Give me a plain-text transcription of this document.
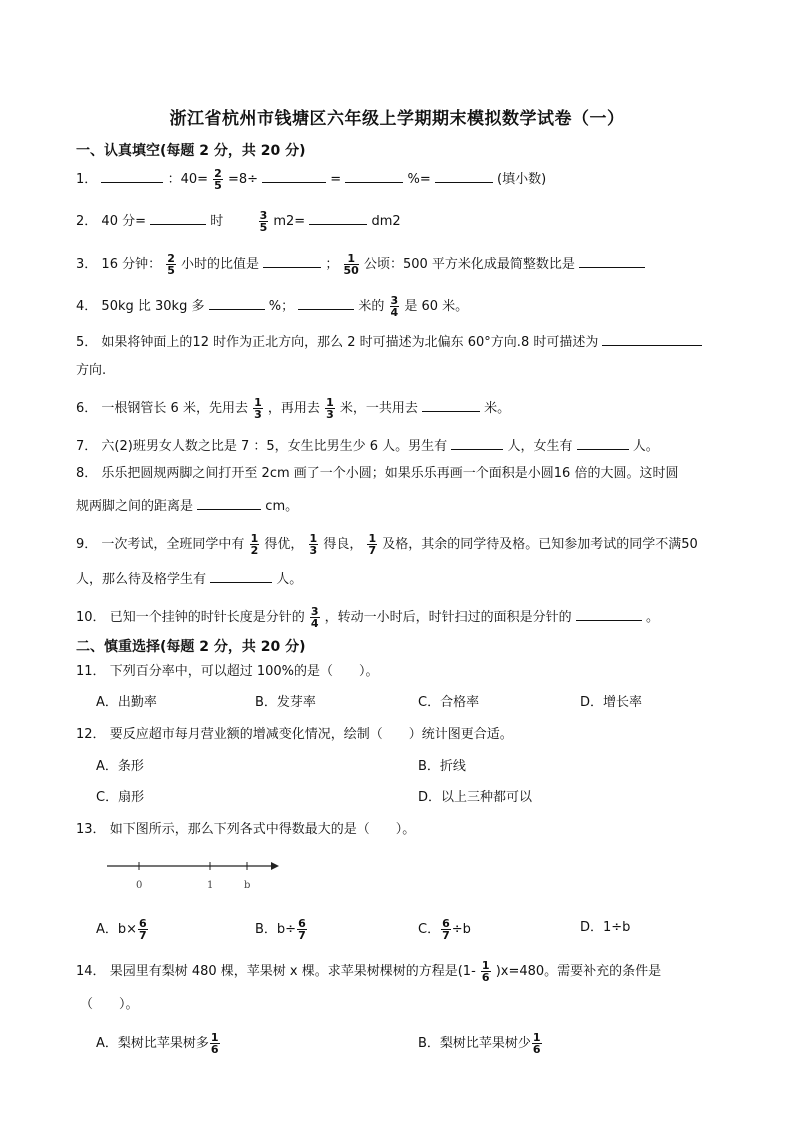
浙江省杭州市钱塘区六年级上学期期末模拟数学试卷（一）
一、认真填空(每题 2 分，共 20 分)
1．	：$40= \frac{2}{5} =8\div$	=	%=	(填小数)
2． 40 分=	时	$\frac{3}{5} m2=$	dm2
3． 16 分钟： $\frac{2}{5}$ 小时的比值是	； $\frac{1}{50}$ 公顷：500 平方米化成最简整数比是
4． 50kg 比 30kg 多	%；	米的 $\frac{3}{4}$ 是 60 米。
5． 如果将钟面上的12 时作为正北方向，那么 2 时可描述为北偏东 60°方向.8 时可描述为
方向.
6． 一根钢管长 6 米，先用去 $\frac{1}{3}$ ，再用去 $\frac{1}{3}$ 米，一共用去	米。
7． 六(2)班男女人数之比是 7 ：5，女生比男生少 6 人。男生有	人，女生有	人。
8． 乐乐把圆规两脚之间打开至 2cm 画了一个小圆；如果乐乐再画一个面积是小圆16 倍的大圆。这时圆
规两脚之间的距离是	cm。
9． 一次考试，全班同学中有 $\frac{1}{2}$ 得优， $\frac{1}{3}$ 得良， $\frac{1}{7}$ 及格，其余的同学待及格。已知参加考试的同学不满50
人，那么待及格学生有	人。
10． 已知一个挂钟的时针长度是分针的 $\frac{3}{4}$ ，转动一小时后，时针扫过的面积是分针的	。
二、慎重选择(每题 2 分，共 20 分)
11． 下列百分率中，可以超过 100%的是（　　）。
A．出勤率	B．发芽率	C．合格率	D．增长率
12． 要反应超市每月营业额的增减变化情况，绘制（　　）统计图更合适。
A．条形	B．折线
C．扇形	D．以上三种都可以
13． 如下图所示，那么下列各式中得数最大的是（　　）。
0	1	b
A．$b\times \frac{6}{7}$	B．$b\div \frac{6}{7}$	C． $\frac{6}{7} \div b$	D．1÷b
14． 果园里有梨树 480 棵，苹果树 x 棵。求苹果树棵树的方程是$(1- \frac{1}{6} )x=480$。需要补充的条件是
（　　）。
A．梨树比苹果树多 $\frac{1}{6}$	B．梨树比苹果树少 $\frac{1}{6}$
